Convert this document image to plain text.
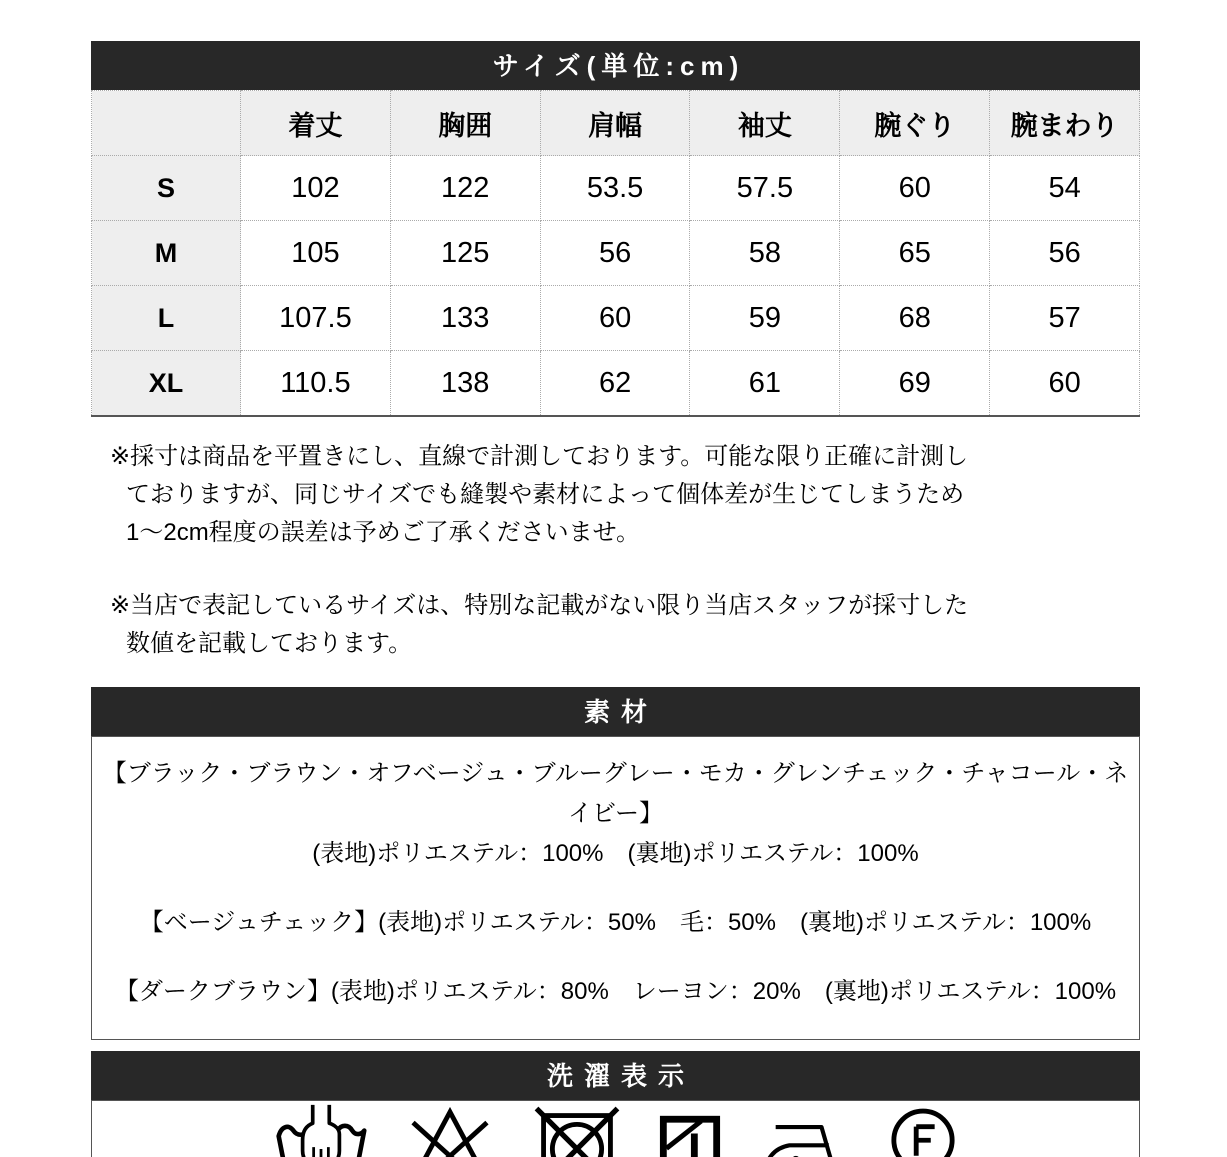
サイズ(単位:cm)
	着丈	胸囲	肩幅	袖丈	腕ぐり	腕まわり
S	102	122	53.5	57.5	60	54
M	105	125	56	58	65	56
L	107.5	133	60	59	68	57
XL	110.5	138	62	61	69	60
※採寸は商品を平置きにし、直線で計測しております。可能な限り正確に計測し
ておりますが、同じサイズでも縫製や素材によって個体差が生じてしまうため
1～2cm程度の誤差は予めご了承くださいませ。
※当店で表記しているサイズは、特別な記載がない限り当店スタッフが採寸した
数値を記載しております。
素材
【ブラック・ブラウン・オフベージュ・ブルーグレー・モカ・グレンチェック・チャコール・ネイビー】
(表地)ポリエステル：100%　(裏地)ポリエステル：100%
【ベージュチェック】(表地)ポリエステル：50%　毛：50%　(裏地)ポリエステル：100%
【ダークブラウン】(表地)ポリエステル：80%　レーヨン：20%　(裏地)ポリエステル：100%
洗濯表示
